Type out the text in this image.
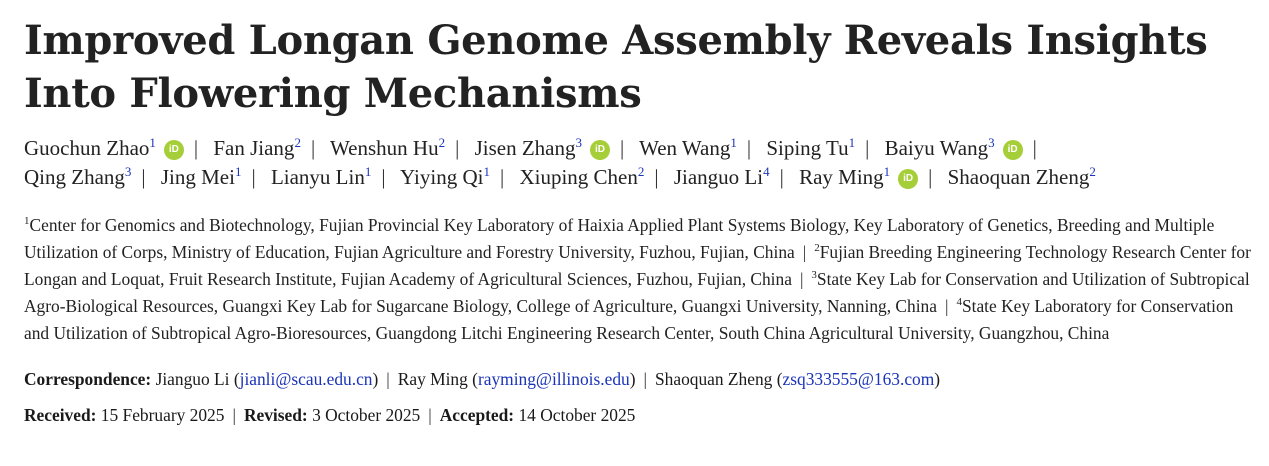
Improved Longan Genome Assembly Reveals Insights Into Flowering Mechanisms
Guochun Zhao$^1$ iD | Fan Jiang$^2$ | Wenshun Hu$^2$ | Jisen Zhang$^3$ iD | Wen Wang$^1$ | Siping Tu$^1$ | Baiyu Wang$^3$ iD |
Qing Zhang$^3$ | Jing Mei$^1$ | Lianyu Lin$^1$ | Yiying Qi$^1$ | Xiuping Chen$^2$ | Jianguo Li$^4$ | Ray Ming$^1$ iD | Shaoquan Zheng$^2$
$^1$Center for Genomics and Biotechnology, Fujian Provincial Key Laboratory of Haixia Applied Plant Systems Biology, Key Laboratory of Genetics, Breeding and Multiple Utilization of Corps, Ministry of Education, Fujian Agriculture and Forestry University, Fuzhou, Fujian, China | $^2$Fujian Breeding Engineering Technology Research Center for Longan and Loquat, Fruit Research Institute, Fujian Academy of Agricultural Sciences, Fuzhou, Fujian, China | $^3$State Key Lab for Conservation and Utilization of Subtropical Agro-Biological Resources, Guangxi Key Lab for Sugarcane Biology, College of Agriculture, Guangxi University, Nanning, China | $^4$State Key Laboratory for Conservation and Utilization of Subtropical Agro-Bioresources, Guangdong Litchi Engineering Research Center, South China Agricultural University, Guangzhou, China
Correspondence: Jianguo Li (jianli@scau.edu.cn) | Ray Ming (rayming@illinois.edu) | Shaoquan Zheng (zsq333555@163.com)
Received: 15 February 2025 | Revised: 3 October 2025 | Accepted: 14 October 2025
